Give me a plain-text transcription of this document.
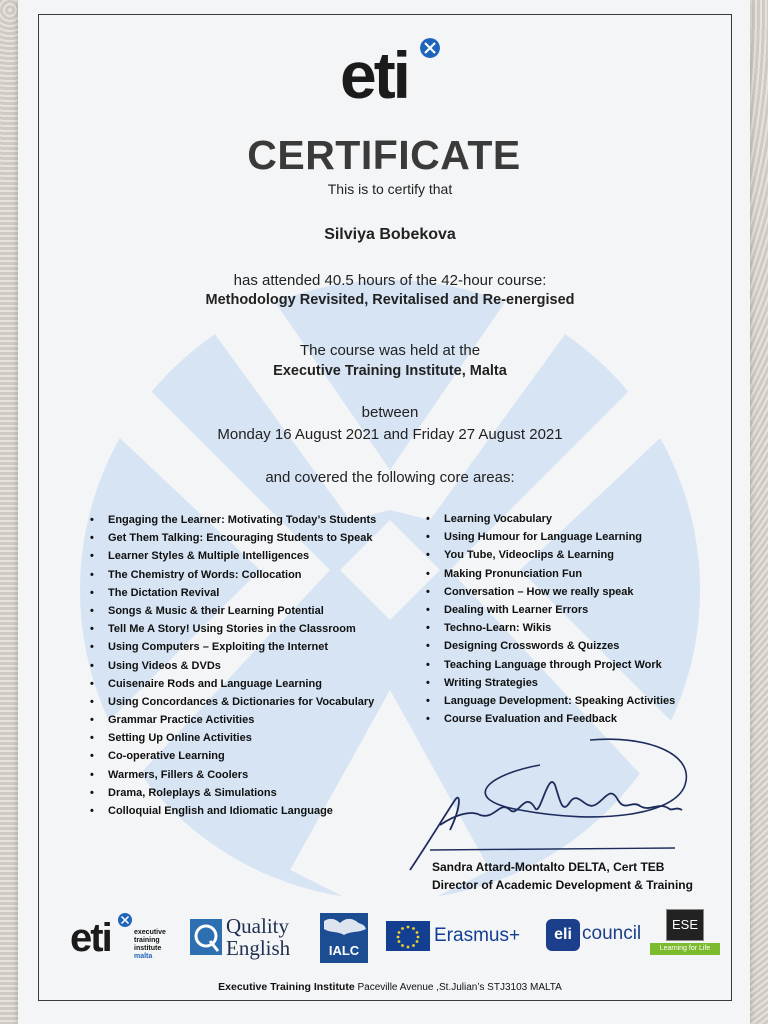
eti
CERTIFICATE
This is to certify that
Silviya Bobekova
has attended 40.5 hours of the 42-hour course:
Methodology Revisited, Revitalised and Re-energised
The course was held at the
Executive Training Institute, Malta
between
Monday 16 August 2021 and Friday 27 August 2021
and covered the following core areas:
• Engaging the Learner: Motivating Today’s Students
• Get Them Talking: Encouraging Students to Speak
• Learner Styles & Multiple Intelligences
• The Chemistry of Words: Collocation
• The Dictation Revival
• Songs & Music & their Learning Potential
• Tell Me A Story! Using Stories in the Classroom
• Using Computers – Exploiting the Internet
• Using Videos & DVDs
• Cuisenaire Rods and Language Learning
• Using Concordances & Dictionaries for Vocabulary
• Grammar Practice Activities
• Setting Up Online Activities
• Co-operative Learning
• Warmers, Fillers & Coolers
• Drama, Roleplays & Simulations
• Colloquial English and Idiomatic Language
• Learning Vocabulary
• Using Humour for Language Learning
• You Tube, Videoclips & Learning
• Making Pronunciation Fun
• Conversation – How we really speak
• Dealing with Learner Errors
• Techno-Learn: Wikis
• Designing Crosswords & Quizzes
• Teaching Language through Project Work
• Writing Strategies
• Language Development: Speaking Activities
• Course Evaluation and Feedback
Sandra Attard-Montalto DELTA, Cert TEB
Director of Academic Development & Training
eti	executive
training
institute
malta
Quality
English	IALC
Erasmus+	eli council	ESE
Learning for Life
Executive Training Institute Paceville Avenue ,St.Julian’s STJ3103 MALTA
